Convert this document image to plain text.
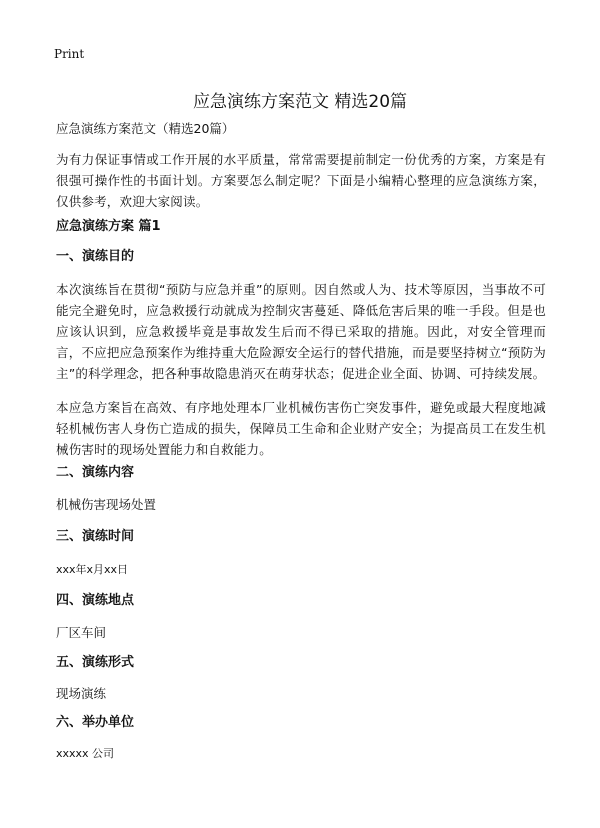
Print
应急演练方案范文 精选20篇

应急演练方案范文（精选20篇）

为有力保证事情或工作开展的水平质量，常常需要提前制定一份优秀的方案，方案是有很强可操作性的书面计划。方案要怎么制定呢？下面是小编精心整理的应急演练方案，仅供参考，欢迎大家阅读。

应急演练方案 篇1
一、演练目的

本次演练旨在贯彻“预防与应急并重”的原则。因自然或人为、技术等原因，当事故不可能完全避免时，应急救援行动就成为控制灾害蔓延、降低危害后果的唯一手段。但是也应该认识到，应急救援毕竟是事故发生后而不得已采取的措施。因此，对安全管理而言，不应把应急预案作为维持重大危险源安全运行的替代措施，而是要坚持树立“预防为主”的科学理念，把各种事故隐患消灭在萌芽状态；促进企业全面、协调、可持续发展。

本应急方案旨在高效、有序地处理本厂业机械伤害伤亡突发事件，避免或最大程度地减轻机械伤害人身伤亡造成的损失，保障员工生命和企业财产安全；为提高员工在发生机械伤害时的现场处置能力和自救能力。

二、演练内容
机械伤害现场处置
三、演练时间
xxx年x月xx日
四、演练地点
厂区车间
五、演练形式
现场演练
六、举办单位
xxxxx 公司
